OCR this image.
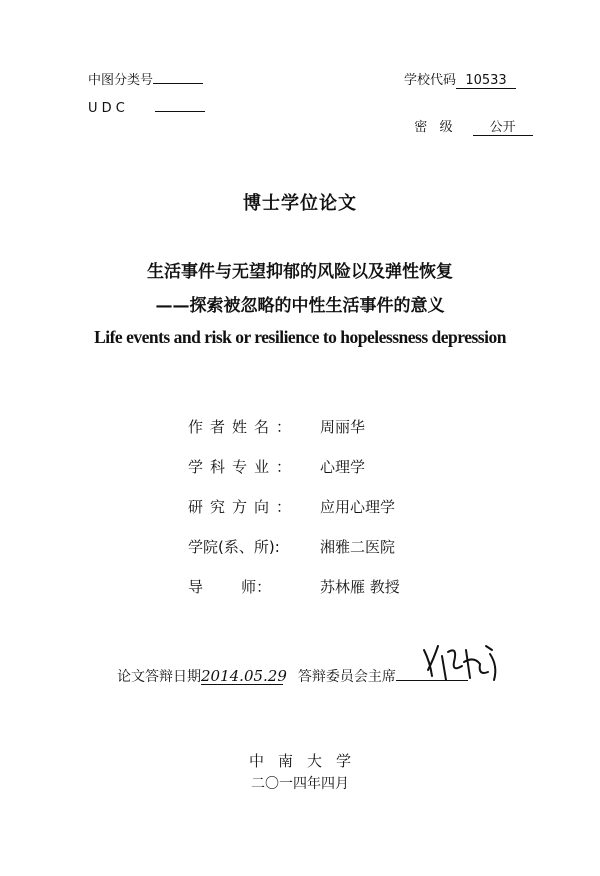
中图分类号	学校代码 10533
U D C

密   级	公开

博士学位论文
生活事件与无望抑郁的风险以及弹性恢复
——探索被忽略的中性生活事件的意义
Life events and risk or resilience to hopelessness depression
作者姓名：	周丽华
学科专业：	心理学
研究方向：	应用心理学
学院(系、所):	湘雅二医院
导        师：	苏林雁 教授
论文答辩日期2014.05.29 答辩委员会主席
中南大学
二〇一四年四月
